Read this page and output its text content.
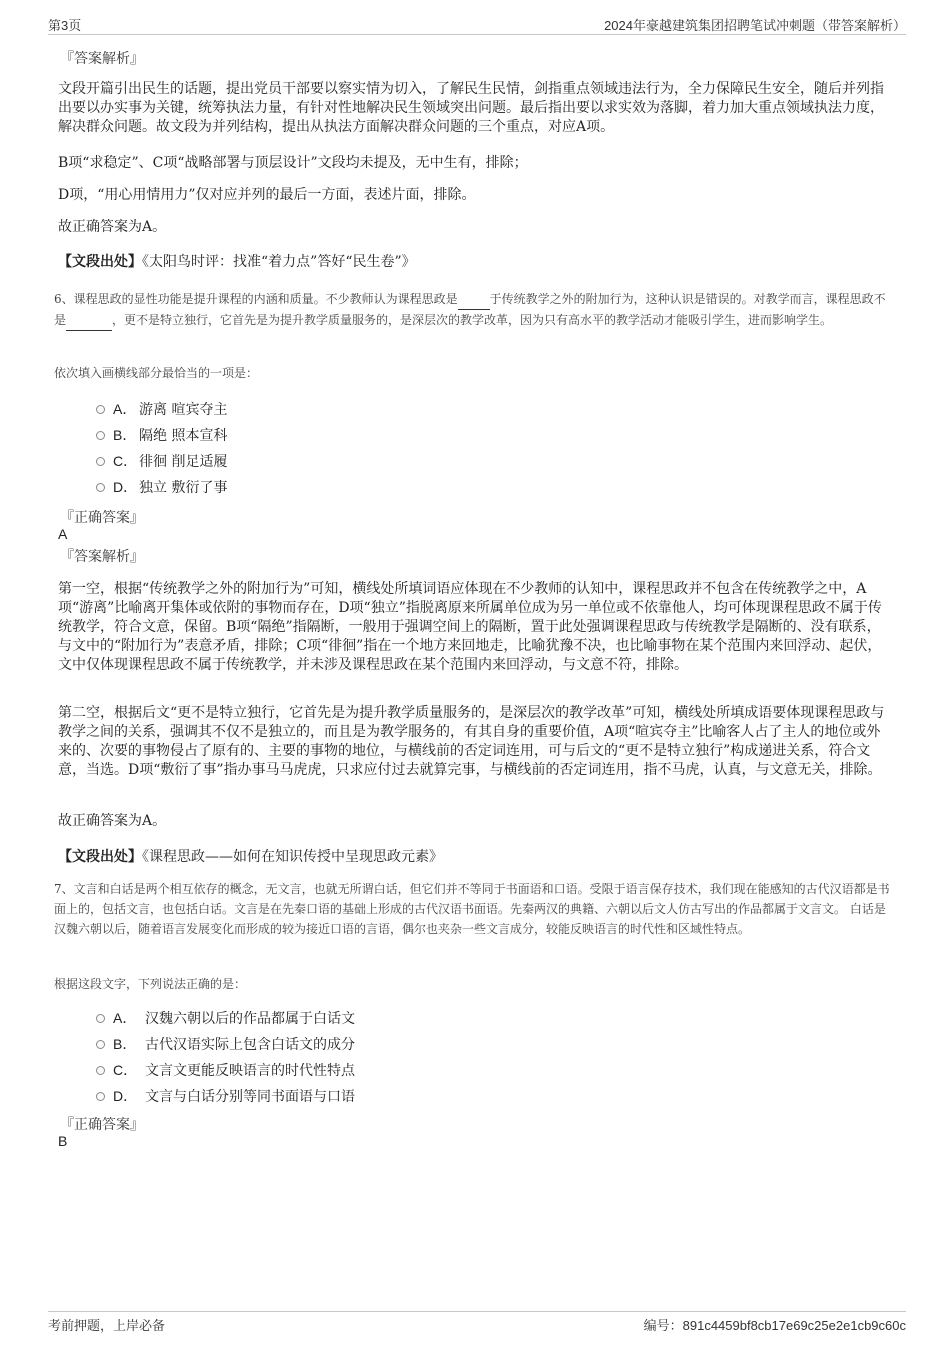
第3页	2024年豪越建筑集团招聘笔试冲刺题（带答案解析）
『答案解析』
文段开篇引出民生的话题，提出党员干部要以察实情为切入，了解民生民情，剑指重点领域违法行为，全力保障民生安全，随后并列指出要以办实事为关键，统筹执法力量，有针对性地解决民生领域突出问题。最后指出要以求实效为落脚，着力加大重点领域执法力度，解决群众问题。故文段为并列结构，提出从执法方面解决群众问题的三个重点，对应A项。
B项“求稳定”、C项“战略部署与顶层设计”文段均未提及，无中生有，排除；
D项，“用心用情用力”仅对应并列的最后一方面，表述片面，排除。
故正确答案为A。
【文段出处】《太阳鸟时评：找准“着力点”答好“民生卷”》
6、课程思政的显性功能是提升课程的内涵和质量。不少教师认为课程思政是	于传统教学之外的附加行为，这种认识是错误的。对教学而言，课程思政不是	，更不是特立独行，它首先是为提升教学质量服务的，是深层次的教学改革，因为只有高水平的教学活动才能吸引学生，进而影响学生。
依次填入画横线部分最恰当的一项是：
A． 游离 喧宾夺主
B． 隔绝 照本宣科
C． 徘徊 削足适履
D． 独立 敷衍了事
『正确答案』
A
『答案解析』
第一空，根据“传统教学之外的附加行为”可知，横线处所填词语应体现在不少教师的认知中，课程思政并不包含在传统教学之中，A项“游离”比喻离开集体或依附的事物而存在，D项“独立”指脱离原来所属单位成为另一单位或不依靠他人，均可体现课程思政不属于传统教学，符合文意，保留。B项“隔绝”指隔断，一般用于强调空间上的隔断，置于此处强调课程思政与传统教学是隔断的、没有联系，与文中的“附加行为”表意矛盾，排除；C项“徘徊”指在一个地方来回地走，比喻犹豫不决，也比喻事物在某个范围内来回浮动、起伏，文中仅体现课程思政不属于传统教学，并未涉及课程思政在某个范围内来回浮动，与文意不符，排除。
第二空，根据后文“更不是特立独行，它首先是为提升教学质量服务的，是深层次的教学改革”可知，横线处所填成语要体现课程思政与教学之间的关系，强调其不仅不是独立的，而且是为教学服务的，有其自身的重要价值，A项“喧宾夺主”比喻客人占了主人的地位或外来的、次要的事物侵占了原有的、主要的事物的地位，与横线前的否定词连用，可与后文的“更不是特立独行”构成递进关系，符合文意，当选。D项“敷衍了事”指办事马马虎虎，只求应付过去就算完事，与横线前的否定词连用，指不马虎，认真，与文意无关，排除。
故正确答案为A。
【文段出处】《课程思政——如何在知识传授中呈现思政元素》
7、文言和白话是两个相互依存的概念，无文言，也就无所谓白话，但它们并不等同于书面语和口语。受限于语言保存技术，我们现在能感知的古代汉语都是书面上的，包括文言，也包括白话。文言是在先秦口语的基础上形成的古代汉语书面语。先秦两汉的典籍、六朝以后文人仿古写出的作品都属于文言文。 白话是汉魏六朝以后，随着语言发展变化而形成的较为接近口语的言语，偶尔也夹杂一些文言成分，较能反映语言的时代性和区域性特点。
根据这段文字，下列说法正确的是：
A． 汉魏六朝以后的作品都属于白话文
B． 古代汉语实际上包含白话文的成分
C． 文言文更能反映语言的时代性特点
D． 文言与白话分别等同书面语与口语
『正确答案』
B
考前押题，上岸必备	编号：891c4459bf8cb17e69c25e2e1cb9c60c
